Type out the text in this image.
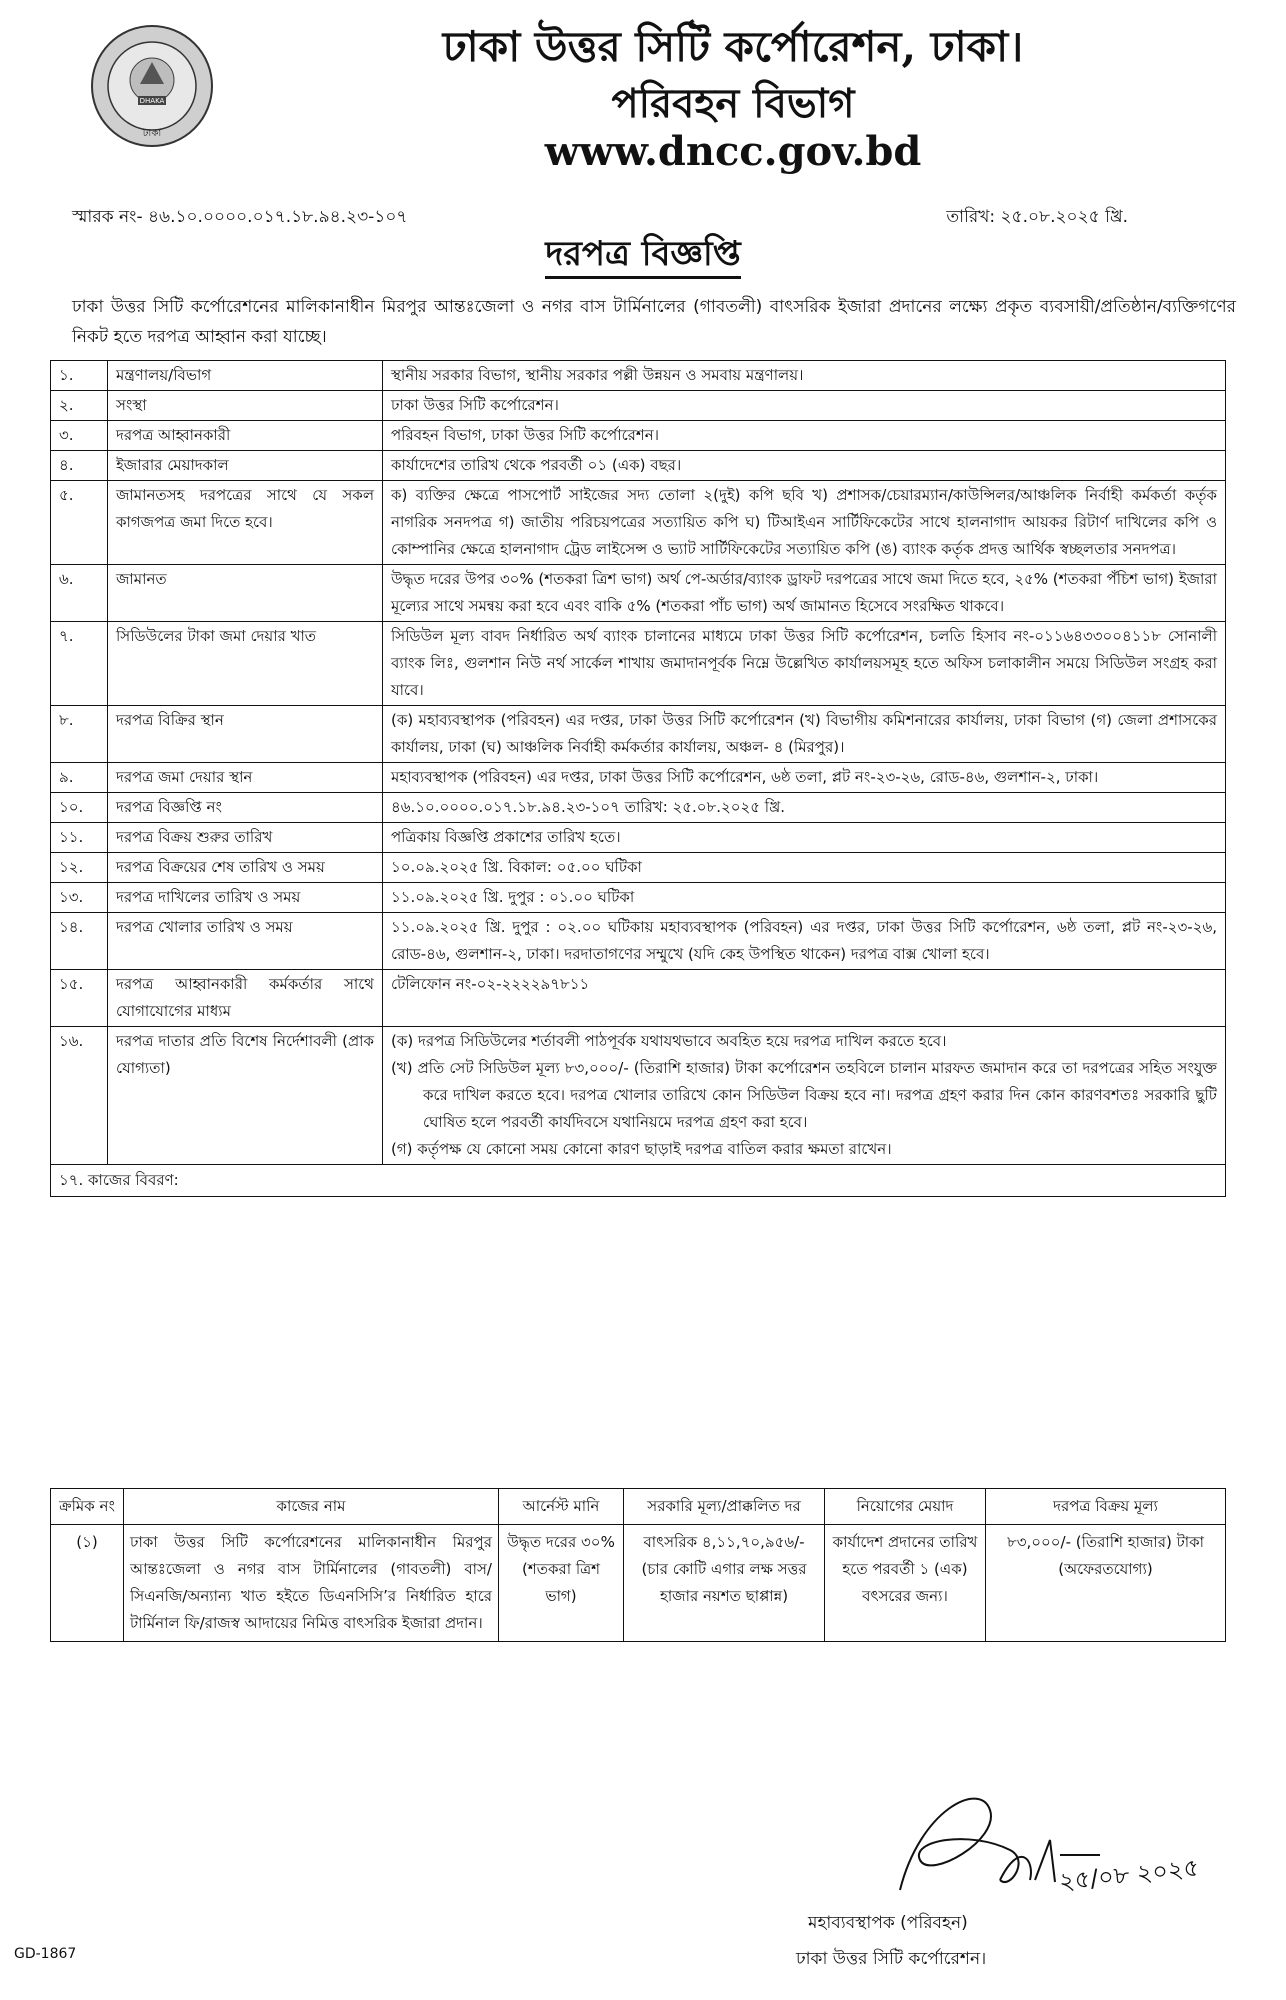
DHAKA
ঢাকা
ঢাকা উত্তর সিটি কর্পোরেশন, ঢাকা।
পরিবহন বিভাগ
www.dncc.gov.bd
স্মারক নং- ৪৬.১০.০০০০.০১৭.১৮.৯৪.২৩-১০৭	তারিখ: ২৫.০৮.২০২৫ খ্রি.
দরপত্র বিজ্ঞপ্তি
ঢাকা উত্তর সিটি কর্পোরেশনের মালিকানাধীন মিরপুর আন্তঃজেলা ও নগর বাস টার্মিনালের (গাবতলী) বাৎসরিক ইজারা প্রদানের লক্ষ্যে প্রকৃত ব্যবসায়ী/প্রতিষ্ঠান/ব্যক্তিগণের নিকট হতে দরপত্র আহ্বান করা যাচ্ছে।
১.	মন্ত্রণালয়/বিভাগ	স্থানীয় সরকার বিভাগ, স্থানীয় সরকার পল্লী উন্নয়ন ও সমবায় মন্ত্রণালয়।
২.	সংস্থা	ঢাকা উত্তর সিটি কর্পোরেশন।
৩.	দরপত্র আহ্বানকারী	পরিবহন বিভাগ, ঢাকা উত্তর সিটি কর্পোরেশন।
৪.	ইজারার মেয়াদকাল	কার্যাদেশের তারিখ থেকে পরবর্তী ০১ (এক) বছর।
৫.	জামানতসহ দরপত্রের সাথে যে সকল কাগজপত্র জমা দিতে হবে।	ক) ব্যক্তির ক্ষেত্রে পাসপোর্ট সাইজের সদ্য তোলা ২(দুই) কপি ছবি খ) প্রশাসক/চেয়ারম্যান/কাউন্সিলর/আঞ্চলিক নির্বাহী কর্মকর্তা কর্তৃক নাগরিক সনদপত্র গ) জাতীয় পরিচয়পত্রের সত্যায়িত কপি ঘ) টিআইএন সার্টিফিকেটের সাথে হালনাগাদ আয়কর রিটার্ণ দাখিলের কপি ও কোম্পানির ক্ষেত্রে হালনাগাদ ট্রেড লাইসেন্স ও ভ্যাট সার্টিফিকেটের সত্যায়িত কপি (ঙ) ব্যাংক কর্তৃক প্রদত্ত আর্থিক স্বচ্ছলতার সনদপত্র।
৬.	জামানত	উদ্ধৃত দরের উপর ৩০% (শতকরা ত্রিশ ভাগ) অর্থ পে-অর্ডার/ব্যাংক ড্রাফট দরপত্রের সাথে জমা দিতে হবে, ২৫% (শতকরা পঁচিশ ভাগ) ইজারা মূল্যের সাথে সমন্বয় করা হবে এবং বাকি ৫% (শতকরা পাঁচ ভাগ) অর্থ জামানত হিসেবে সংরক্ষিত থাকবে।
৭.	সিডিউলের টাকা জমা দেয়ার খাত	সিডিউল মূল্য বাবদ নির্ধারিত অর্থ ব্যাংক চালানের মাধ্যমে ঢাকা উত্তর সিটি কর্পোরেশন, চলতি হিসাব নং-০১১৬৪৩৩০০৪১১৮ সোনালী ব্যাংক লিঃ, গুলশান নিউ নর্থ সার্কেল শাখায় জমাদানপূর্বক নিম্নে উল্লেখিত কার্যালয়সমূহ হতে অফিস চলাকালীন সময়ে সিডিউল সংগ্রহ করা যাবে।
৮.	দরপত্র বিক্রির স্থান	(ক) মহাব্যবস্থাপক (পরিবহন) এর দপ্তর, ঢাকা উত্তর সিটি কর্পোরেশন (খ) বিভাগীয় কমিশনারের কার্যালয়, ঢাকা বিভাগ (গ) জেলা প্রশাসকের কার্যালয়, ঢাকা (ঘ) আঞ্চলিক নির্বাহী কর্মকর্তার কার্যালয়, অঞ্চল- ৪ (মিরপুর)।
৯.	দরপত্র জমা দেয়ার স্থান	মহাব্যবস্থাপক (পরিবহন) এর দপ্তর, ঢাকা উত্তর সিটি কর্পোরেশন, ৬ষ্ঠ তলা, প্লট নং-২৩-২৬, রোড-৪৬, গুলশান-২, ঢাকা।
১০.	দরপত্র বিজ্ঞপ্তি নং	৪৬.১০.০০০০.০১৭.১৮.৯৪.২৩-১০৭ তারিখ: ২৫.০৮.২০২৫ খ্রি.
১১.	দরপত্র বিক্রয় শুরুর তারিখ	পত্রিকায় বিজ্ঞপ্তি প্রকাশের তারিখ হতে।
১২.	দরপত্র বিক্রয়ের শেষ তারিখ ও সময়	১০.০৯.২০২৫ খ্রি. বিকাল: ০৫.০০ ঘটিকা
১৩.	দরপত্র দাখিলের তারিখ ও সময়	১১.০৯.২০২৫ খ্রি. দুপুর : ০১.০০ ঘটিকা
১৪.	দরপত্র খোলার তারিখ ও সময়	১১.০৯.২০২৫ খ্রি. দুপুর : ০২.০০ ঘটিকায় মহাব্যবস্থাপক (পরিবহন) এর দপ্তর, ঢাকা উত্তর সিটি কর্পোরেশন, ৬ষ্ঠ তলা, প্লট নং-২৩-২৬, রোড-৪৬, গুলশান-২, ঢাকা। দরদাতাগণের সম্মুখে (যদি কেহ উপস্থিত থাকেন) দরপত্র বাক্স খোলা হবে।
১৫.	দরপত্র আহ্বানকারী কর্মকর্তার সাথে যোগাযোগের মাধ্যম	টেলিফোন নং-০২-২২২২৯৭৮১১
১৬.	দরপত্র দাতার প্রতি বিশেষ নির্দেশাবলী (প্রাক যোগ্যতা)	(ক) দরপত্র সিডিউলের শর্তাবলী পাঠপূর্বক যথাযথভাবে অবহিত হয়ে দরপত্র দাখিল করতে হবে।
(খ) প্রতি সেট সিডিউল মূল্য ৮৩,০০০/- (তিরাশি হাজার) টাকা কর্পোরেশন তহবিলে চালান মারফত জমাদান করে তা দরপত্রের সহিত সংযুক্ত করে দাখিল করতে হবে। দরপত্র খোলার তারিখে কোন সিডিউল বিক্রয় হবে না। দরপত্র গ্রহণ করার দিন কোন কারণবশতঃ সরকারি ছুটি ঘোষিত হলে পরবর্তী কার্যদিবসে যথানিয়মে দরপত্র গ্রহণ করা হবে।
(গ) কর্তৃপক্ষ যে কোনো সময় কোনো কারণ ছাড়াই দরপত্র বাতিল করার ক্ষমতা রাখেন।

১৭. কাজের বিবরণ:		
ক্রমিক নং	কাজের নাম	আর্নেস্ট মানি	সরকারি মূল্য/প্রাক্কলিত দর	নিয়োগের মেয়াদ	দরপত্র বিক্রয় মূল্য
(১)	ঢাকা উত্তর সিটি কর্পোরেশনের মালিকানাধীন মিরপুর আন্তঃজেলা ও নগর বাস টার্মিনালের (গাবতলী) বাস/সিএনজি/অন্যান্য খাত হইতে ডিএনসিসি’র নির্ধারিত হারে টার্মিনাল ফি/রাজস্ব আদায়ের নিমিত্ত বাৎসরিক ইজারা প্রদান।	উদ্ধৃত দরের ৩০% (শতকরা ত্রিশ ভাগ)	বাৎসরিক ৪,১১,৭০,৯৫৬/- (চার কোটি এগার লক্ষ সত্তর হাজার নয়শত ছাপ্পান্ন)	কার্যাদেশ প্রদানের তারিখ হতে পরবর্তী ১ (এক) বৎসরের জন্য।	৮৩,০০০/- (তিরাশি হাজার) টাকা (অফেরতযোগ্য)
২৫/০৮ ২০২৫
মহাব্যবস্থাপক (পরিবহন)
ঢাকা উত্তর সিটি কর্পোরেশন।
GD-1867
